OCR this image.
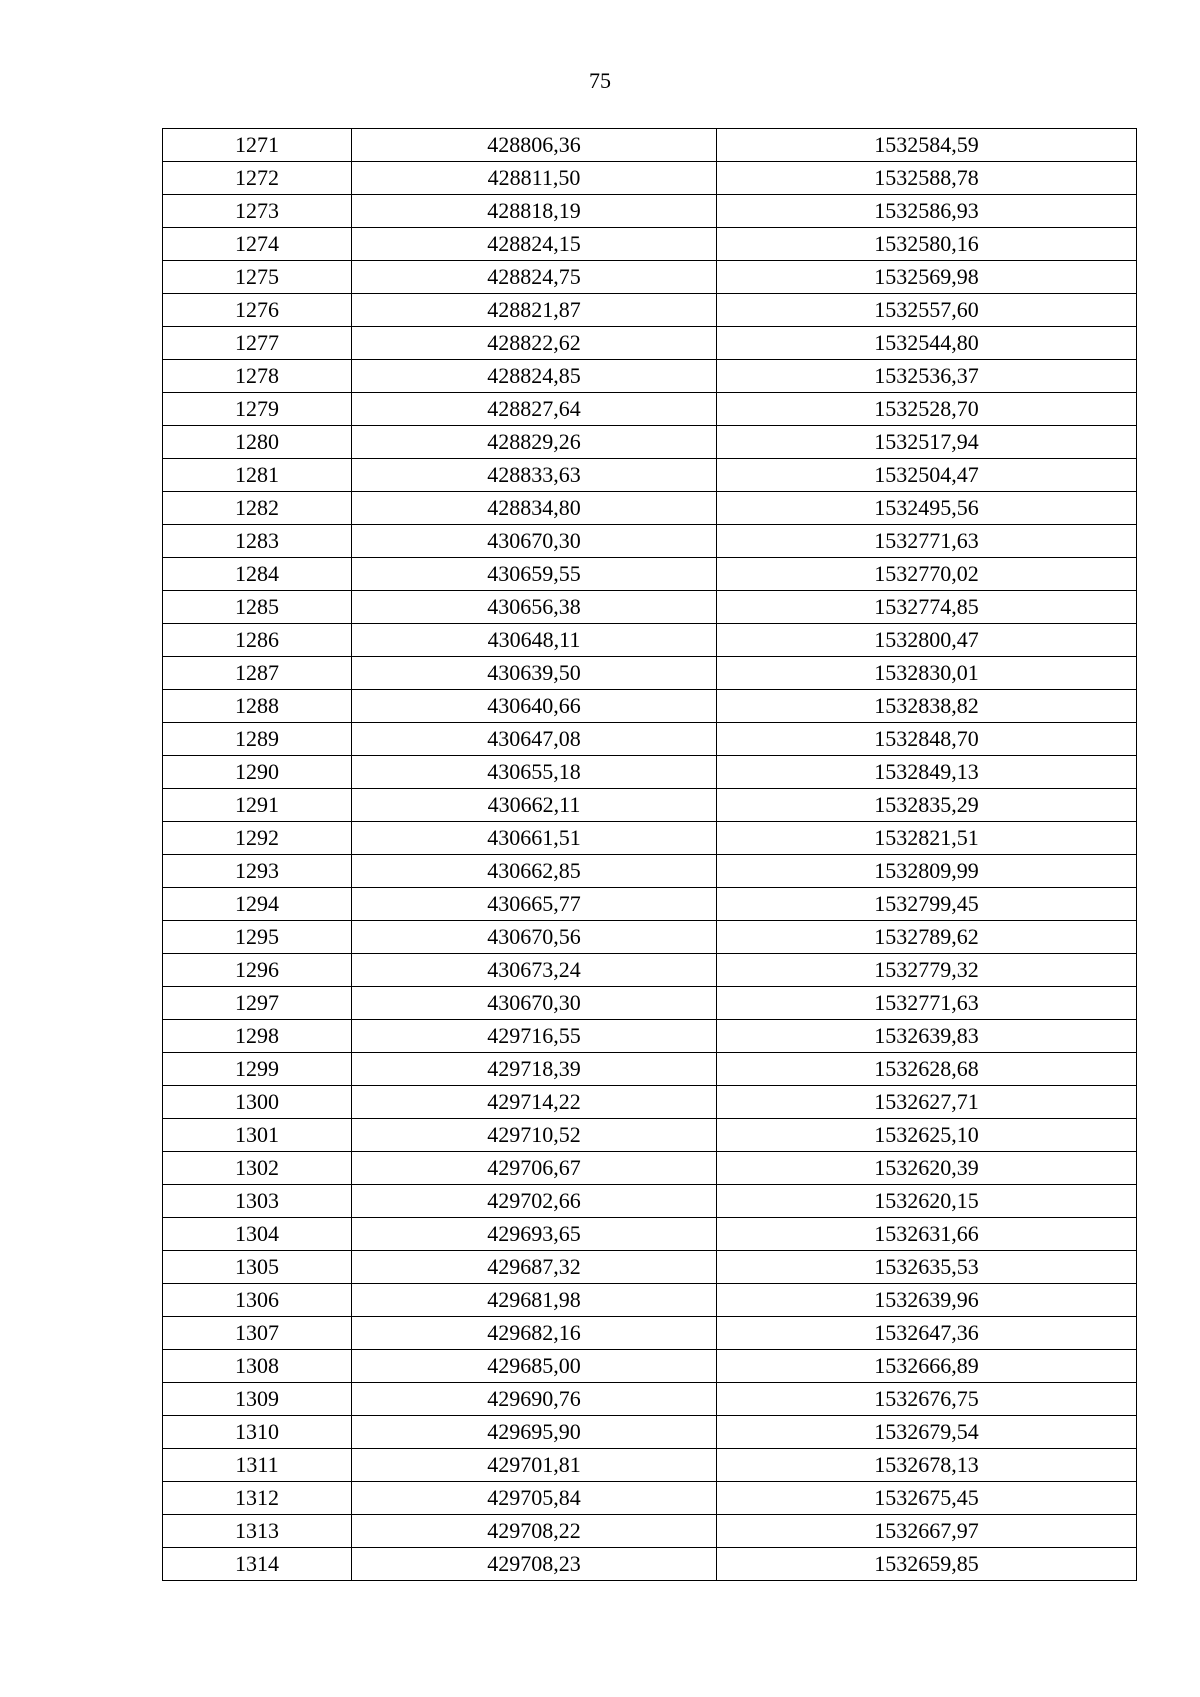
75
1271	428806,36	1532584,59
1272	428811,50	1532588,78
1273	428818,19	1532586,93
1274	428824,15	1532580,16
1275	428824,75	1532569,98
1276	428821,87	1532557,60
1277	428822,62	1532544,80
1278	428824,85	1532536,37
1279	428827,64	1532528,70
1280	428829,26	1532517,94
1281	428833,63	1532504,47
1282	428834,80	1532495,56
1283	430670,30	1532771,63
1284	430659,55	1532770,02
1285	430656,38	1532774,85
1286	430648,11	1532800,47
1287	430639,50	1532830,01
1288	430640,66	1532838,82
1289	430647,08	1532848,70
1290	430655,18	1532849,13
1291	430662,11	1532835,29
1292	430661,51	1532821,51
1293	430662,85	1532809,99
1294	430665,77	1532799,45
1295	430670,56	1532789,62
1296	430673,24	1532779,32
1297	430670,30	1532771,63
1298	429716,55	1532639,83
1299	429718,39	1532628,68
1300	429714,22	1532627,71
1301	429710,52	1532625,10
1302	429706,67	1532620,39
1303	429702,66	1532620,15
1304	429693,65	1532631,66
1305	429687,32	1532635,53
1306	429681,98	1532639,96
1307	429682,16	1532647,36
1308	429685,00	1532666,89
1309	429690,76	1532676,75
1310	429695,90	1532679,54
1311	429701,81	1532678,13
1312	429705,84	1532675,45
1313	429708,22	1532667,97
1314	429708,23	1532659,85
